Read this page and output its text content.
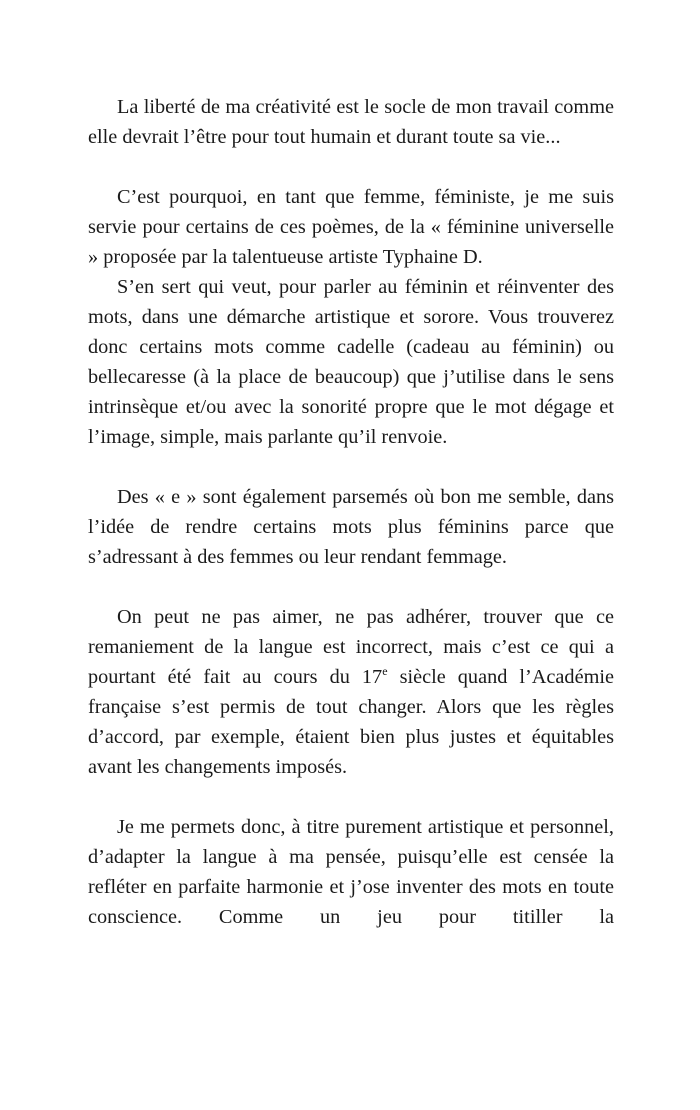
La liberté de ma créativité est le socle de mon travail comme elle devrait l’être pour tout humain et durant toute sa vie...

C’est pourquoi, en tant que femme, féministe, je me suis servie pour certains de ces poèmes, de la « féminine universelle » proposée par la talentueuse artiste Typhaine D.

S’en sert qui veut, pour parler au féminin et réinventer des mots, dans une démarche artistique et sorore. Vous trouverez donc certains mots comme cadelle (cadeau au féminin) ou bellecaresse (à la place de beaucoup) que j’utilise dans le sens intrinsèque et/ou avec la sonorité propre que le mot dégage et l’image, simple, mais parlante qu’il renvoie.

Des « e » sont également parsemés où bon me semble, dans l’idée de rendre certains mots plus féminins parce que s’adressant à des femmes ou leur rendant femmage.

On peut ne pas aimer, ne pas adhérer, trouver que ce remaniement de la langue est incorrect, mais c’est ce qui a pourtant été fait au cours du 17e siècle quand l’Académie française s’est permis de tout changer. Alors que les règles d’accord, par exemple, étaient bien plus justes et équitables avant les changements imposés.

Je me permets donc, à titre purement artistique et personnel, d’adapter la langue à ma pensée, puisqu’elle est censée la refléter en parfaite harmonie et j’ose inventer des mots en toute conscience. Comme un jeu pour titiller la
